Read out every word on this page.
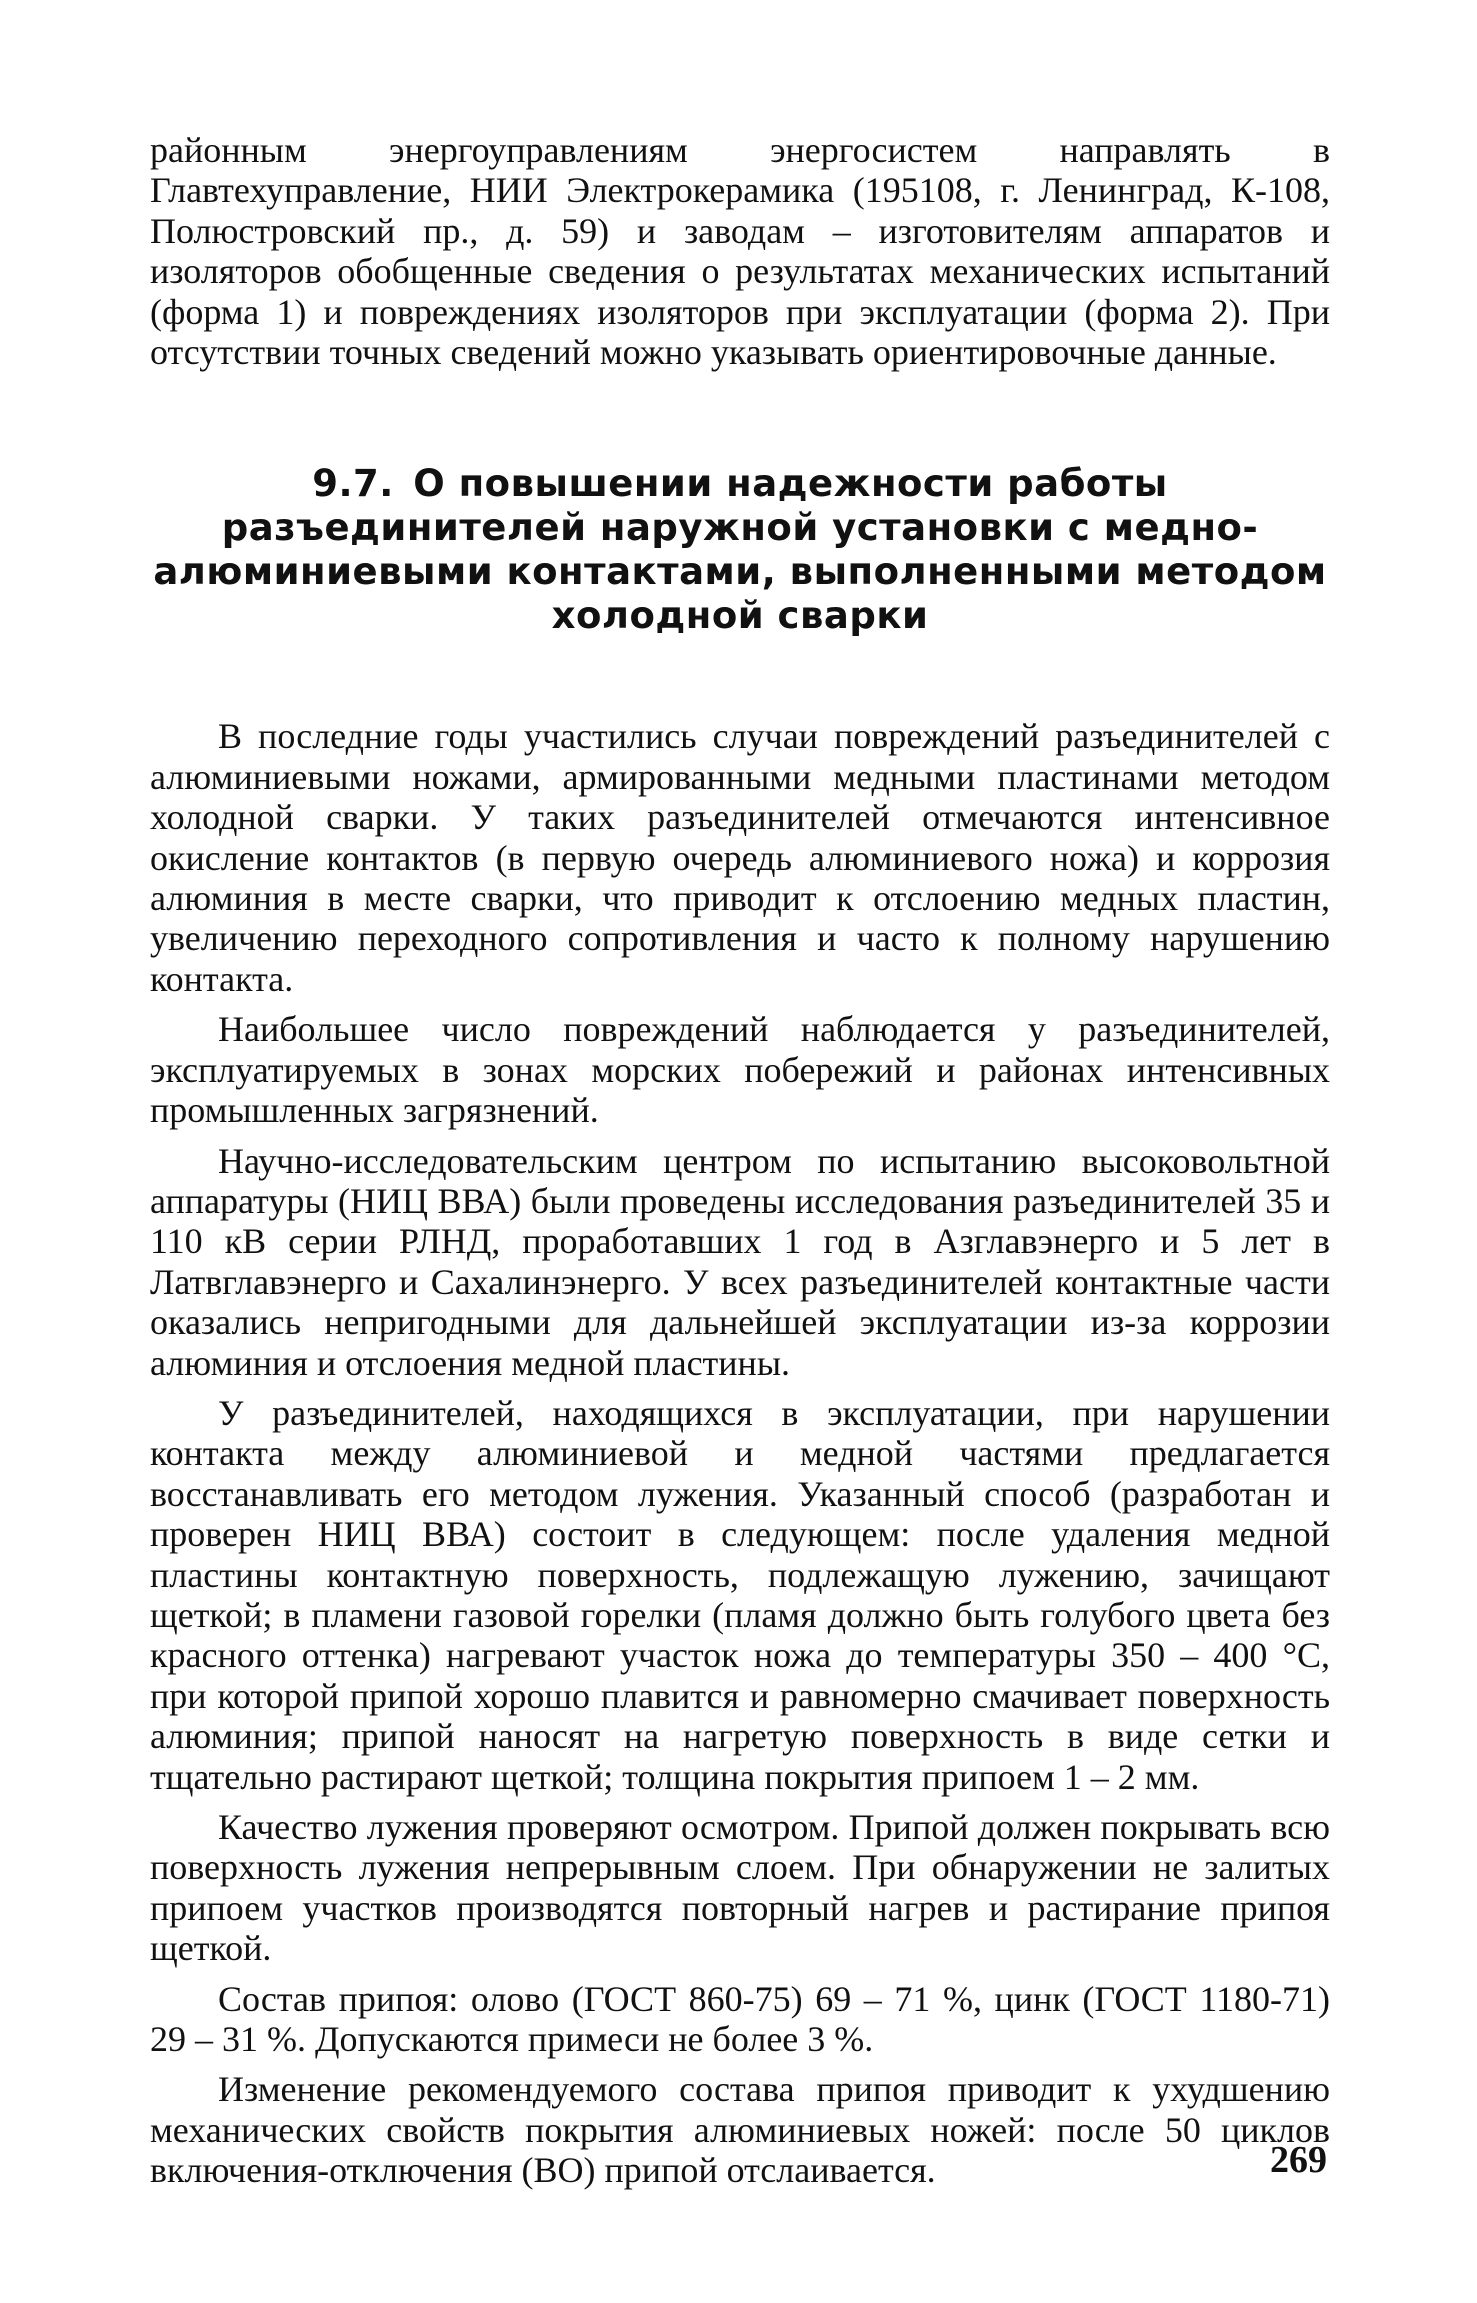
районным энергоуправлениям энергосистем направлять в Главтехуправление, НИИ Электрокерамика (195108, г. Ленинград, К-108, Полюстровский пр., д. 59) и заводам – изготовителям аппаратов и изоляторов обобщенные сведения о результатах механических испытаний (форма 1) и повреждениях изоляторов при эксплуатации (форма 2). При отсутствии точных сведений можно указывать ориентировочные данные.

9.7. О повышении надежности работы разъединителей наружной установки с медно-алюминиевыми контактами, выполненными методом холодной сварки

В последние годы участились случаи повреждений разъединителей с алюминиевыми ножами, армированными медными пластинами методом холодной сварки. У таких разъединителей отмечаются интенсивное окисление контактов (в первую очередь алюминиевого ножа) и коррозия алюминия в месте сварки, что приводит к отслоению медных пластин, увеличению переходного сопротивления и часто к полному нарушению контакта.

Наибольшее число повреждений наблюдается у разъединителей, эксплуатируемых в зонах морских побережий и районах интенсивных промышленных загрязнений.

Научно-исследовательским центром по испытанию высоковольтной аппаратуры (НИЦ ВВА) были проведены исследования разъединителей 35 и 110 кВ серии РЛНД, проработавших 1 год в Азглавэнерго и 5 лет в Латвглавэнерго и Сахалинэнерго. У всех разъединителей контактные части оказались непригодными для дальнейшей эксплуатации из-за коррозии алюминия и отслоения медной пластины.

У разъединителей, находящихся в эксплуатации, при нарушении контакта между алюминиевой и медной частями предлагается восстанавливать его методом лужения. Указанный способ (разработан и проверен НИЦ ВВА) состоит в следующем: после удаления медной пластины контактную поверхность, подлежащую лужению, зачищают щеткой; в пламени газовой горелки (пламя должно быть голубого цвета без красного оттенка) нагревают участок ножа до температуры 350 – 400 °С, при которой припой хорошо плавится и равномерно смачивает поверхность алюминия; припой наносят на нагретую поверхность в виде сетки и тщательно растирают щеткой; толщина покрытия припоем 1 – 2 мм.

Качество лужения проверяют осмотром. Припой должен покрывать всю поверхность лужения непрерывным слоем. При обнаружении не залитых припоем участков производятся повторный нагрев и растирание припоя щеткой.

Состав припоя: олово (ГОСТ 860-75) 69 – 71 %, цинк (ГОСТ 1180-71) 29 – 31 %. Допускаются примеси не более 3 %.

Изменение рекомендуемого состава припоя приводит к ухудшению механических свойств покрытия алюминиевых ножей: после 50 циклов включения-отключения (ВО) припой отслаивается.	269
